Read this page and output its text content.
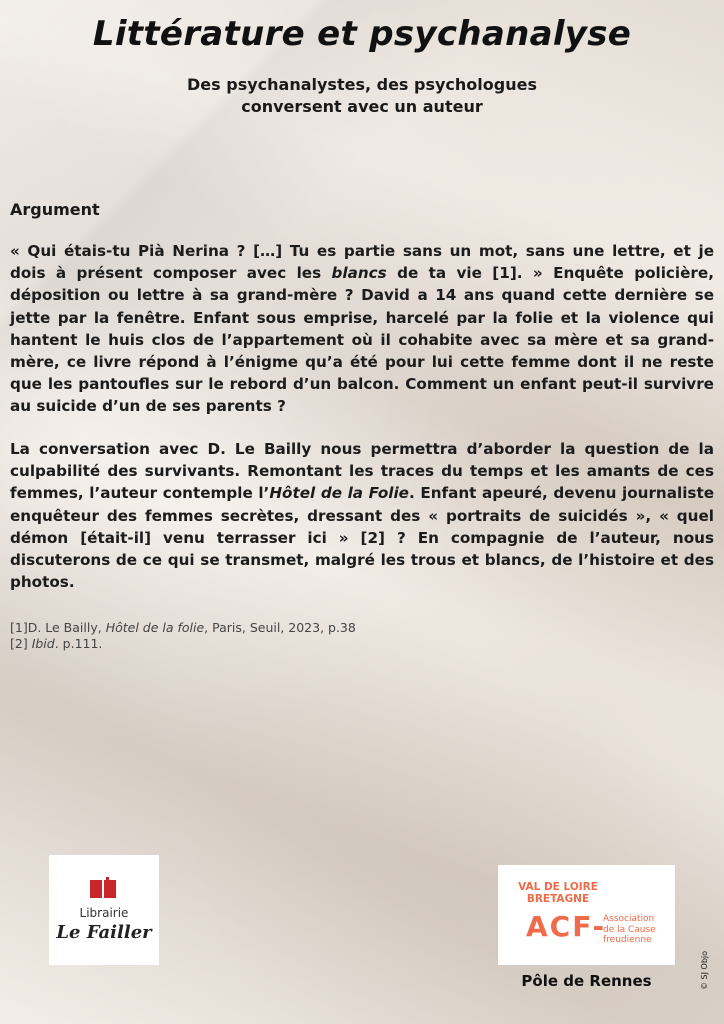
Littérature et psychanalyse
Des psychanalystes, des psychologues
conversent avec un auteur
Argument

« Qui étais-tu Pià Nerina ? […] Tu es partie sans un mot, sans une lettre, et je dois à présent composer avec les blancs de ta vie [1]. » Enquête policière, déposition ou lettre à sa grand-mère ? David a 14 ans quand cette dernière se jette par la fenêtre. Enfant sous emprise, harcelé par la folie et la violence qui hantent le huis clos de l’appartement où il cohabite avec sa mère et sa grand-mère, ce livre répond à l’énigme qu’a été pour lui cette femme dont il ne reste que les pantoufles sur le rebord d’un balcon. Comment un enfant peut-il survivre au suicide d’un de ses parents ?

La conversation avec D. Le Bailly nous permettra d’aborder la question de la culpabilité des survivants. Remontant les traces du temps et les amants de ces femmes, l’auteur contemple l’Hôtel de la Folie. Enfant apeuré, devenu journaliste enquêteur des femmes secrètes, dressant des « portraits de suicidés », « quel démon [était-il] venu terrasser ici » [2] ? En compagnie de l’auteur, nous discuterons de ce qui se transmet, malgré les trous et blancs, de l’histoire et des photos.

[1]D. Le Bailly, Hôtel de la folie, Paris, Seuil, 2023, p.38
[2] Ibid. p.111.
Librairie
Le Failler
VAL DE LOIRE
BRETAGNE
ACF-
Association
de la Cause
freudienne
Pôle de Rennes	© SJ Objo
